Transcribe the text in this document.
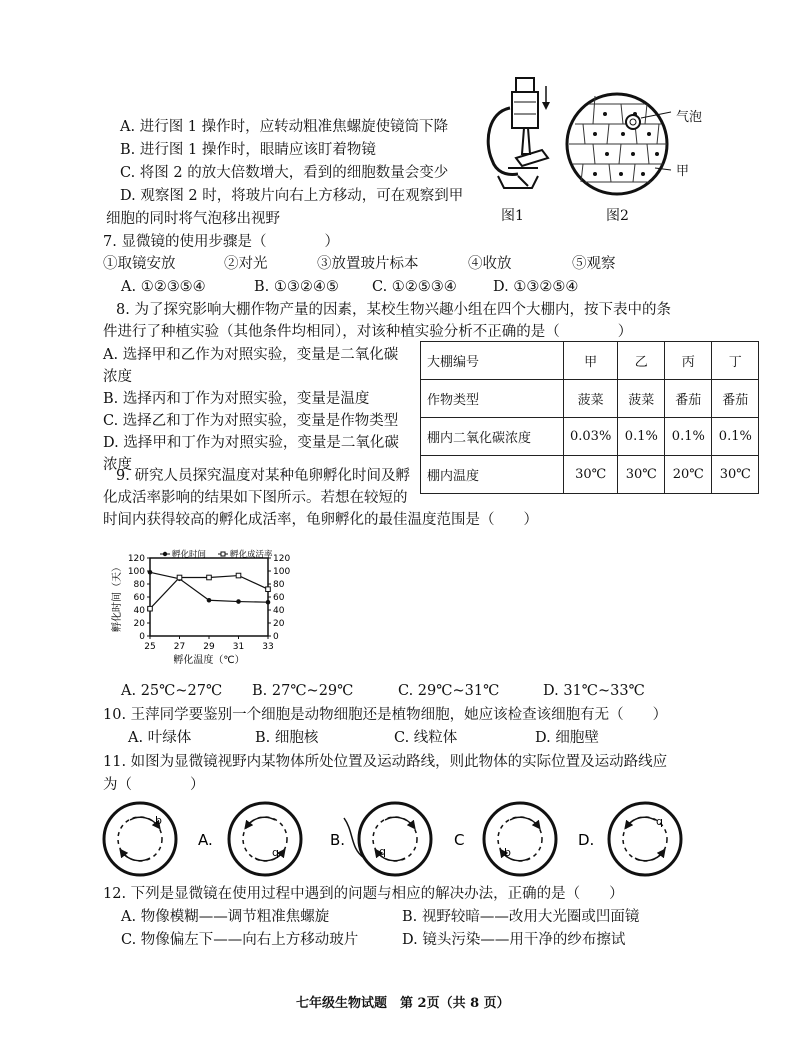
A. 进行图 1 操作时，应转动粗准焦螺旋使镜筒下降
B. 进行图 1 操作时，眼睛应该盯着物镜
C. 将图 2 的放大倍数增大，看到的细胞数量会变少
D. 观察图 2 时，将玻片向右上方移动，可在观察到甲
细胞的同时将气泡移出视野	图1
气泡
甲
图2
7. 显微镜的使用步骤是（　　　　）
①取镜安放	②对光	③放置玻片标本	④收放	⑤观察
A. ①②③⑤④	B. ①③②④⑤ C. ①②⑤③④ D. ①③②⑤④
8. 为了探究影响大棚作物产量的因素，某校生物兴趣小组在四个大棚内，按下表中的条
件进行了种植实验（其他条件均相同），对该种植实验分析不正确的是（　　　　）
A. 选择甲和乙作为对照实验，变量是二氧化碳
浓度
B. 选择丙和丁作为对照实验，变量是温度
C. 选择乙和丁作为对照实验，变量是作物类型
D. 选择甲和丁作为对照实验，变量是二氧化碳
浓度
大棚编号	甲	乙	丙	丁
作物类型	菠菜	菠菜	番茄	番茄
棚内二氧化碳浓度	0.03%	0.1%	0.1%	0.1%
棚内温度	30℃	30℃	20℃	30℃
9. 研究人员探究温度对某种龟卵孵化时间及孵
化成活率影响的结果如下图所示。若想在较短的
时间内获得较高的孵化成活率，龟卵孵化的最佳温度范围是（　　）
0	0
20	20
40	40
60	60
80	80
100	100
120	120
25 27 29 31 33
孵化温度（℃）
孵化时间（天）
孵化时间	孵化成活率
A. 25℃~27℃ B. 27℃~29℃	C. 29℃~31℃	D. 31℃~33℃
10. 王萍同学要鉴别一个细胞是动物细胞还是植物细胞，她应该检查该细胞有无（　　）
A. 叶绿体	B. 细胞核	C. 线粒体	D. 细胞壁
11. 如图为显微镜视野内某物体所处位置及运动路线，则此物体的实际位置及运动路线应
为（　　　　）
b
A.
q
B.
q
C
b
D.
q
12. 下列是显微镜在使用过程中遇到的问题与相应的解决办法，正确的是（　　）
A. 物像模糊——调节粗准焦螺旋	B. 视野较暗——改用大光圈或凹面镜
C. 物像偏左下——向右上方移动玻片	D. 镜头污染——用干净的纱布擦试
七年级生物试题　第 2页（共 8 页）
